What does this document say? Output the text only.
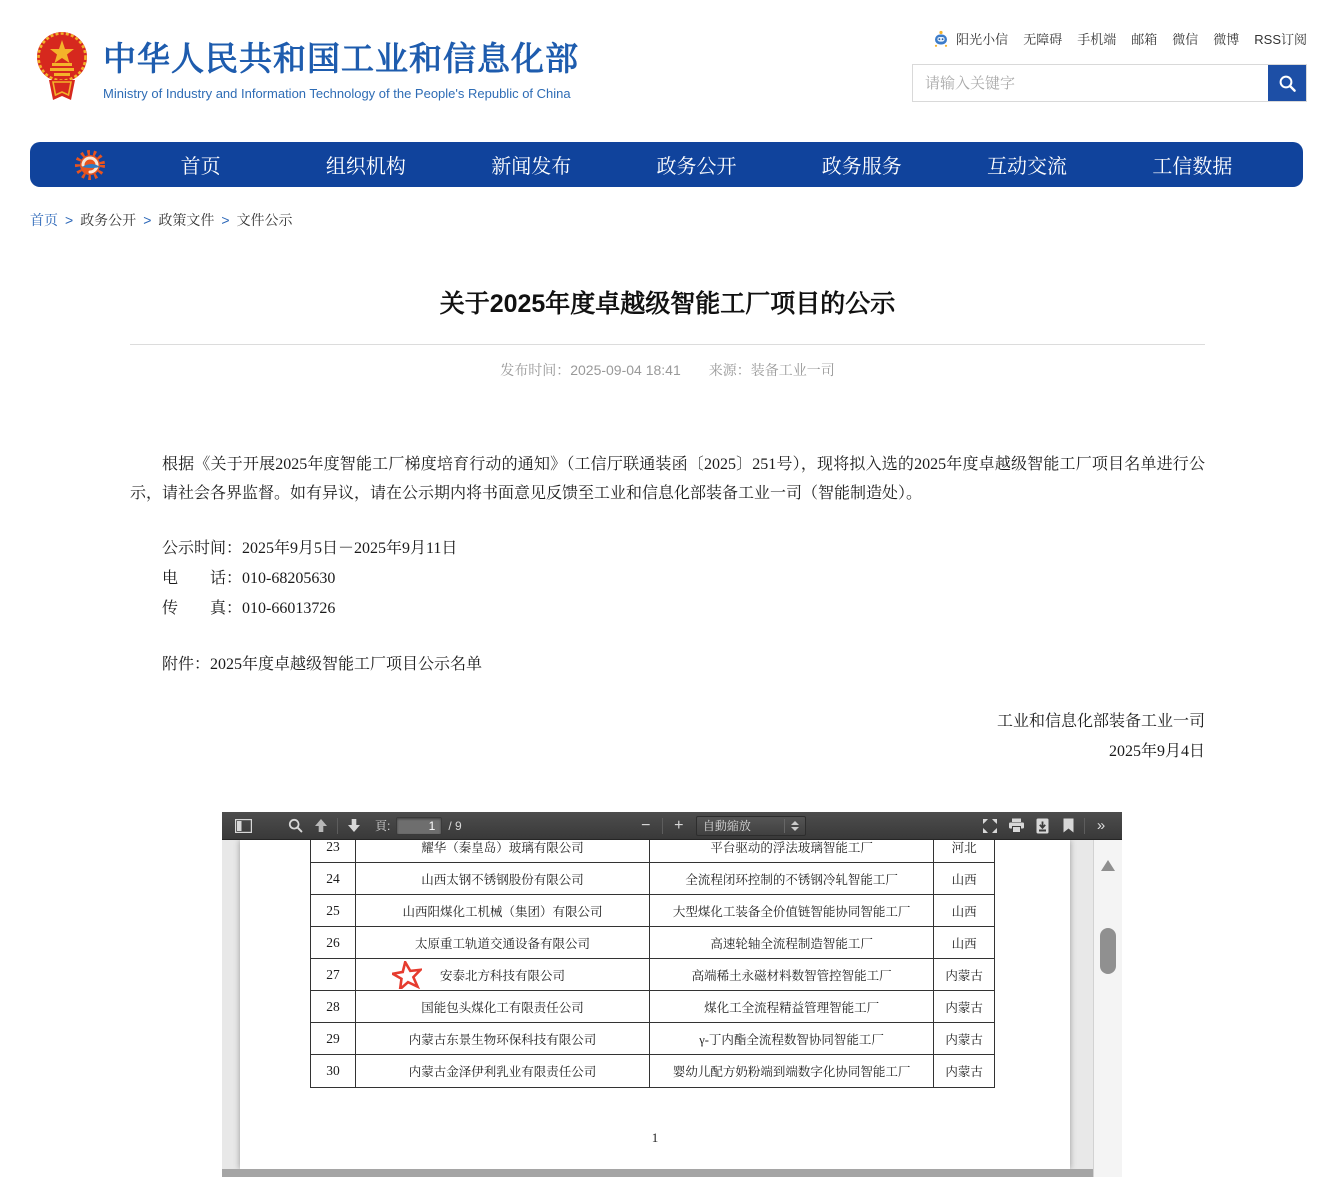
中华人民共和国工业和信息化部
Ministry of Industry and Information Technology of the People's Republic of China
阳光小信 无障碍 手机端 邮箱 微信 微博 RSS订阅
请输入关键字
首页	组织机构	新闻发布	政务公开	政务服务	互动交流	工信数据
首页 > 政务公开 > 政策文件 > 文件公示
关于2025年度卓越级智能工厂项目的公示
发布时间：2025-09-04 18:41 来源：装备工业一司

根据《关于开展2025年度智能工厂梯度培育行动的通知》（工信厅联通装函〔2025〕251号），现将拟入选的2025年度卓越级智能工厂项目名单进行公示，请社会各界监督。如有异议，请在公示期内将书面意见反馈至工业和信息化部装备工业一司（智能制造处）。

公示时间：2025年9月5日－2025年9月11日

电　　话：010-68205630

传　　真：010-66013726

附件：2025年度卓越级智能工厂项目公示名单

工业和信息化部装备工业一司
2025年9月4日
頁:
1	/ 9	−	+	自動縮放	»
23	耀华（秦皇岛）玻璃有限公司	平台驱动的浮法玻璃智能工厂	河北
24	山西太钢不锈钢股份有限公司	全流程闭环控制的不锈钢冷轧智能工厂	山西
25	山西阳煤化工机械（集团）有限公司	大型煤化工装备全价值链智能协同智能工厂	山西
26	太原重工轨道交通设备有限公司	高速轮轴全流程制造智能工厂	山西
27	安泰北方科技有限公司	高端稀土永磁材料数智管控智能工厂	内蒙古
28	国能包头煤化工有限责任公司	煤化工全流程精益管理智能工厂	内蒙古
29	内蒙古东景生物环保科技有限公司	γ-丁内酯全流程数智协同智能工厂	内蒙古
30	内蒙古金泽伊利乳业有限责任公司	婴幼儿配方奶粉端到端数字化协同智能工厂	内蒙古
1
